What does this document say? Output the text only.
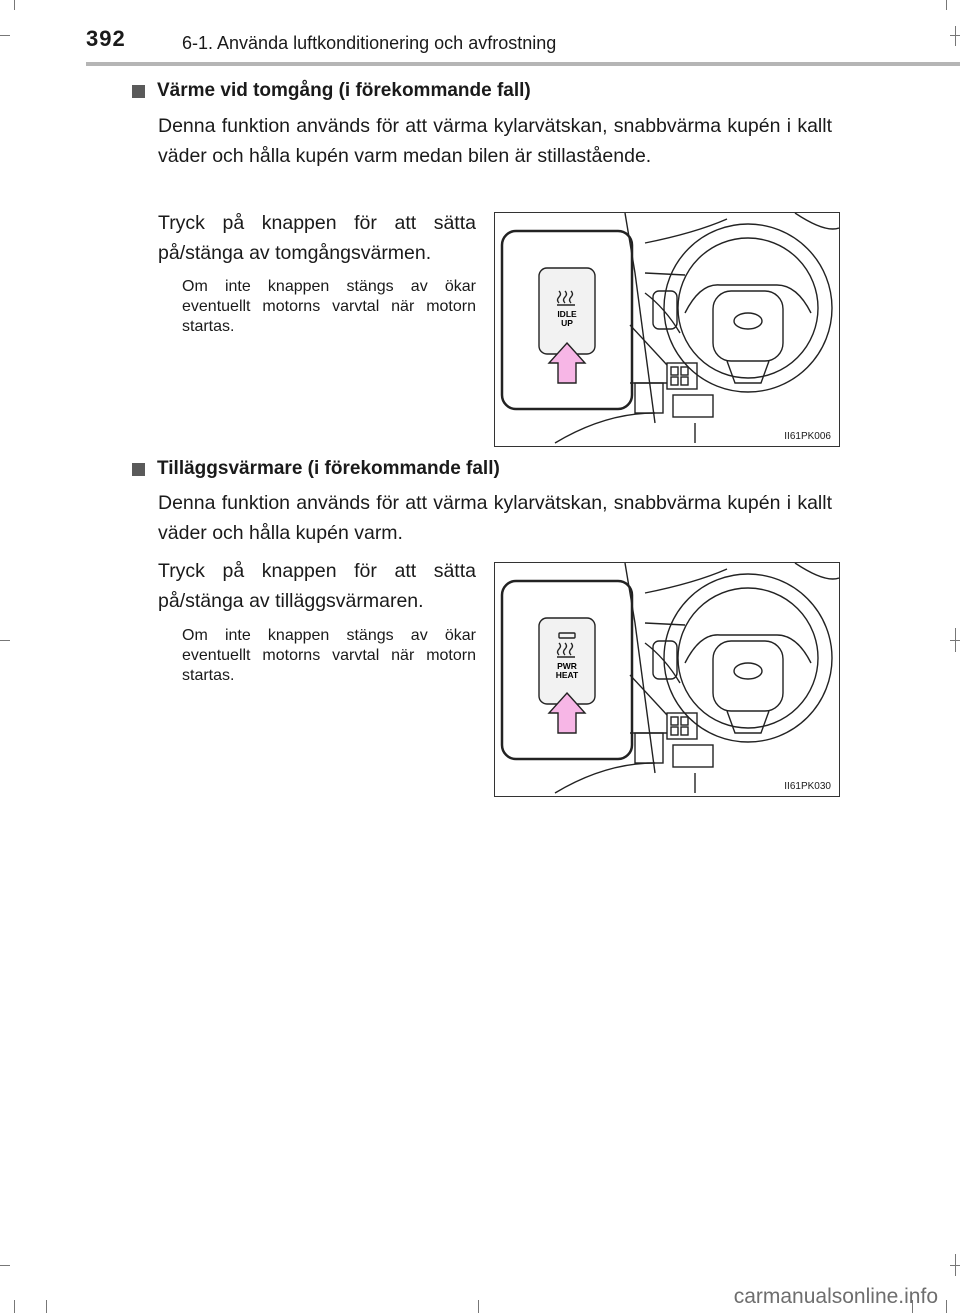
392	6-1. Använda luftkonditionering och avfrostning
Värme vid tomgång (i förekommande fall)
Denna funktion används för att värma kylarvätskan, snabbvärma kupén i kallt väder och hålla kupén varm medan bilen är stillastående.
Tryck på knappen för att sätta på/stänga av tomgångsvärmen.
Om inte knappen stängs av ökar eventuellt motorns varvtal när motorn startas.
IDLE
UP
II61PK006
Tilläggsvärmare (i förekommande fall)
Denna funktion används för att värma kylarvätskan, snabbvärma kupén i kallt väder och hålla kupén varm.
Tryck på knappen för att sätta på/stänga av tilläggsvärmaren.
Om inte knappen stängs av ökar eventuellt motorns varvtal när motorn startas.
PWR
HEAT
II61PK030
carmanualsonline.info
